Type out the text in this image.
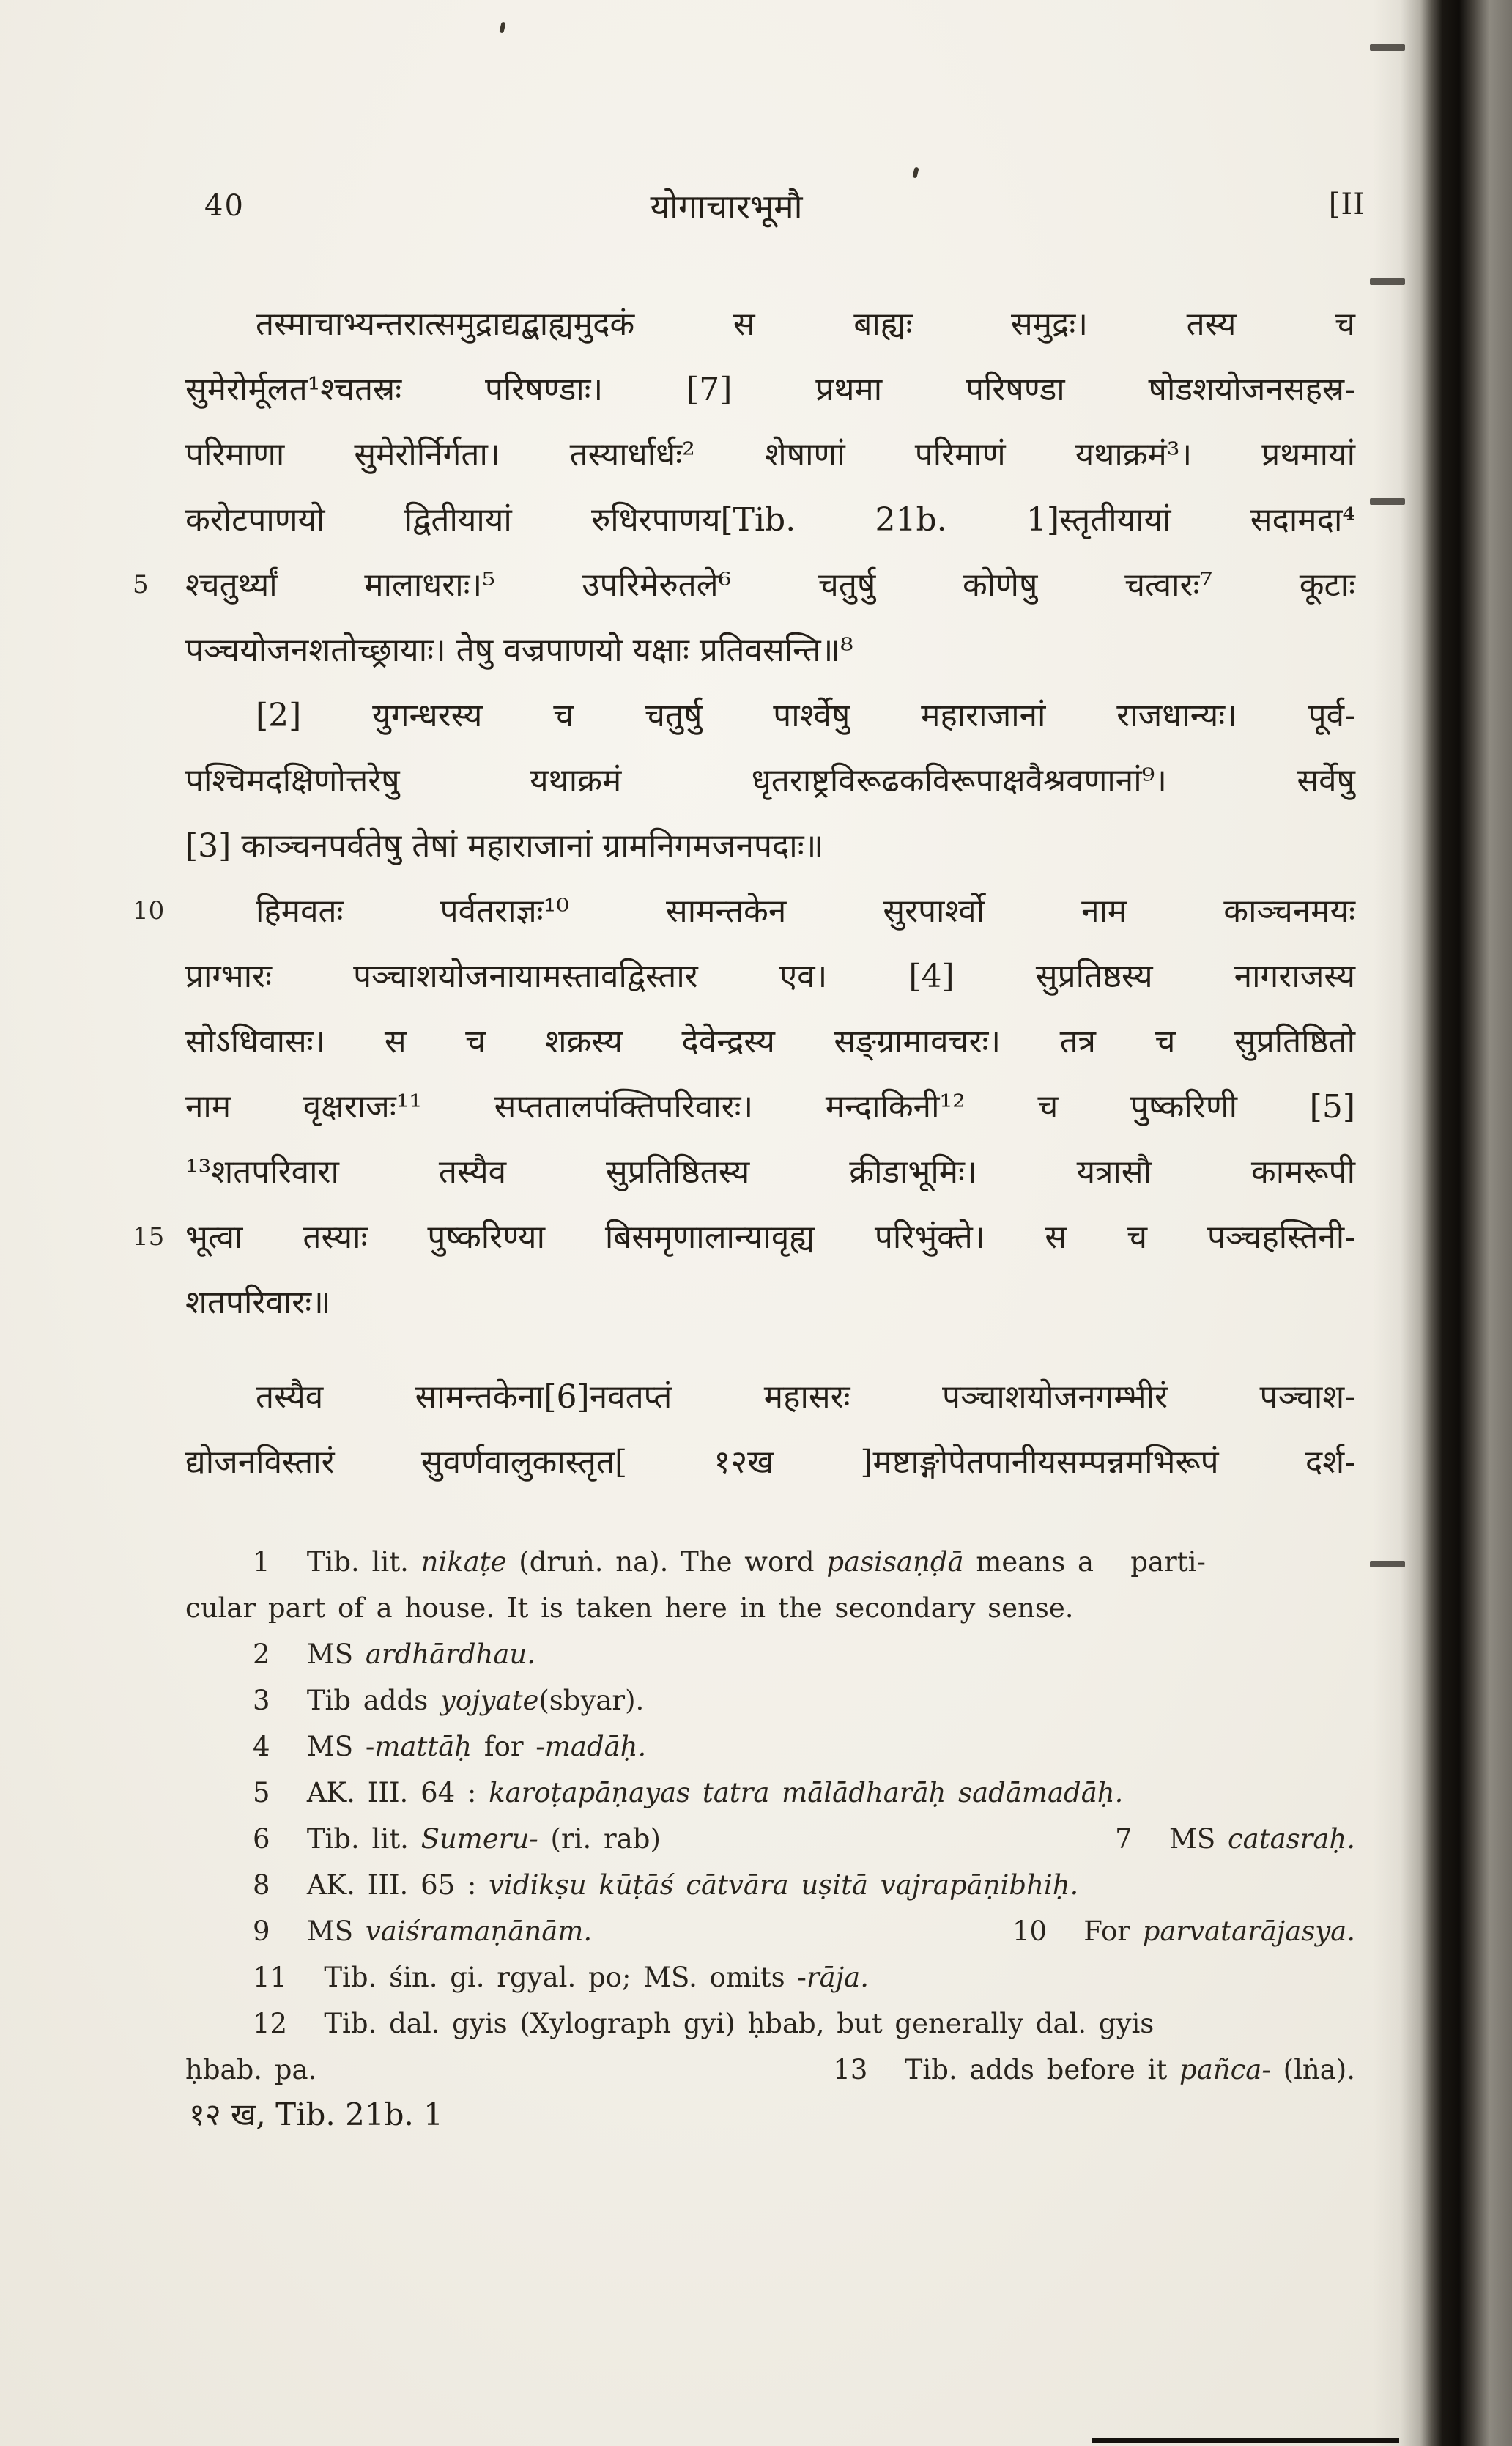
40	योगाचारभूमौ	[II
तस्माचाभ्यन्तरात्समुद्राद्यद्बाह्यमुदकं स बाह्यः समुद्रः। तस्य च
सुमेरोर्मूलत¹श्चतस्रः परिषण्डाः। [7] प्रथमा परिषण्डा षोडशयोजनसहस्र-
परिमाणा सुमेरोर्निर्गता। तस्यार्धार्धः² शेषाणां परिमाणं यथाक्रमं³। प्रथमायां
करोटपाणयो द्वितीयायां रुधिरपाणय[Tib. 21b. 1]स्तृतीयायां सदामदा⁴
5 श्चतुर्थ्यां मालाधराः।⁵ उपरिमेरुतले⁶ चतुर्षु कोणेषु चत्वारः⁷ कूटाः
पञ्चयोजनशतोच्छ्रायाः। तेषु वज्रपाणयो यक्षाः प्रतिवसन्ति॥⁸
[2] युगन्धरस्य च चतुर्षु पार्श्वेषु महाराजानां राजधान्यः। पूर्व-
पश्चिमदक्षिणोत्तरेषु यथाक्रमं धृतराष्ट्रविरूढकविरूपाक्षवैश्रवणानां⁹। सर्वेषु
[3] काञ्चनपर्वतेषु तेषां महाराजानां ग्रामनिगमजनपदाः॥
10	हिमवतः पर्वतराज्ञः¹⁰ सामन्तकेन सुरपार्श्वो नाम काञ्चनमयः
प्राग्भारः पञ्चाशयोजनायामस्तावद्विस्तार एव। [4] सुप्रतिष्ठस्य नागराजस्य
सोऽधिवासः। स च शक्रस्य देवेन्द्रस्य सङ्ग्रामावचरः। तत्र च सुप्रतिष्ठितो
नाम वृक्षराजः¹¹ सप्ततालपंक्तिपरिवारः। मन्दाकिनी¹² च पुष्करिणी [5]
¹³शतपरिवारा तस्यैव सुप्रतिष्ठितस्य क्रीडाभूमिः। यत्रासौ कामरूपी
15 भूत्वा तस्याः पुष्करिण्या बिसमृणालान्यावृह्य परिभुंक्ते। स च पञ्चहस्तिनी-
शतपरिवारः॥
तस्यैव सामन्तकेना[6]नवतप्तं महासरः पञ्चाशयोजनगम्भीरं पञ्चाश-
द्योजनविस्तारं सुवर्णवालुकास्तृत[ १२ख ]मष्टाङ्गोपेतपानीयसम्पन्नमभिरूपं दर्श-
1   Tib. lit. nikaṭe (druṅ. na). The word pasisaṇḍā means a   parti-
cular part of a house. It is taken here in the secondary sense.
2   MS ardhārdhau.
3   Tib adds yojyate(sbyar).
4   MS -mattāḥ for -madāḥ.
5   AK. III. 64 : karoṭapāṇayas tatra mālādharāḥ sadāmadāḥ.
6   Tib. lit. Sumeru- (ri. rab)	7   MS catasraḥ.
8   AK. III. 65 : vidikṣu kūṭāś cātvāra uṣitā vajrapāṇibhiḥ.
9   MS vaiśramaṇānām.	10   For parvatarājasya.
11   Tib. śin. gi. rgyal. po; MS. omits -rāja.
12   Tib. dal. gyis (Xylograph gyi) ḥbab, but generally dal. gyis
ḥbab. pa.	13   Tib. adds before it pañca- (lṅa).
१२ ख, Tib. 21b. 1
